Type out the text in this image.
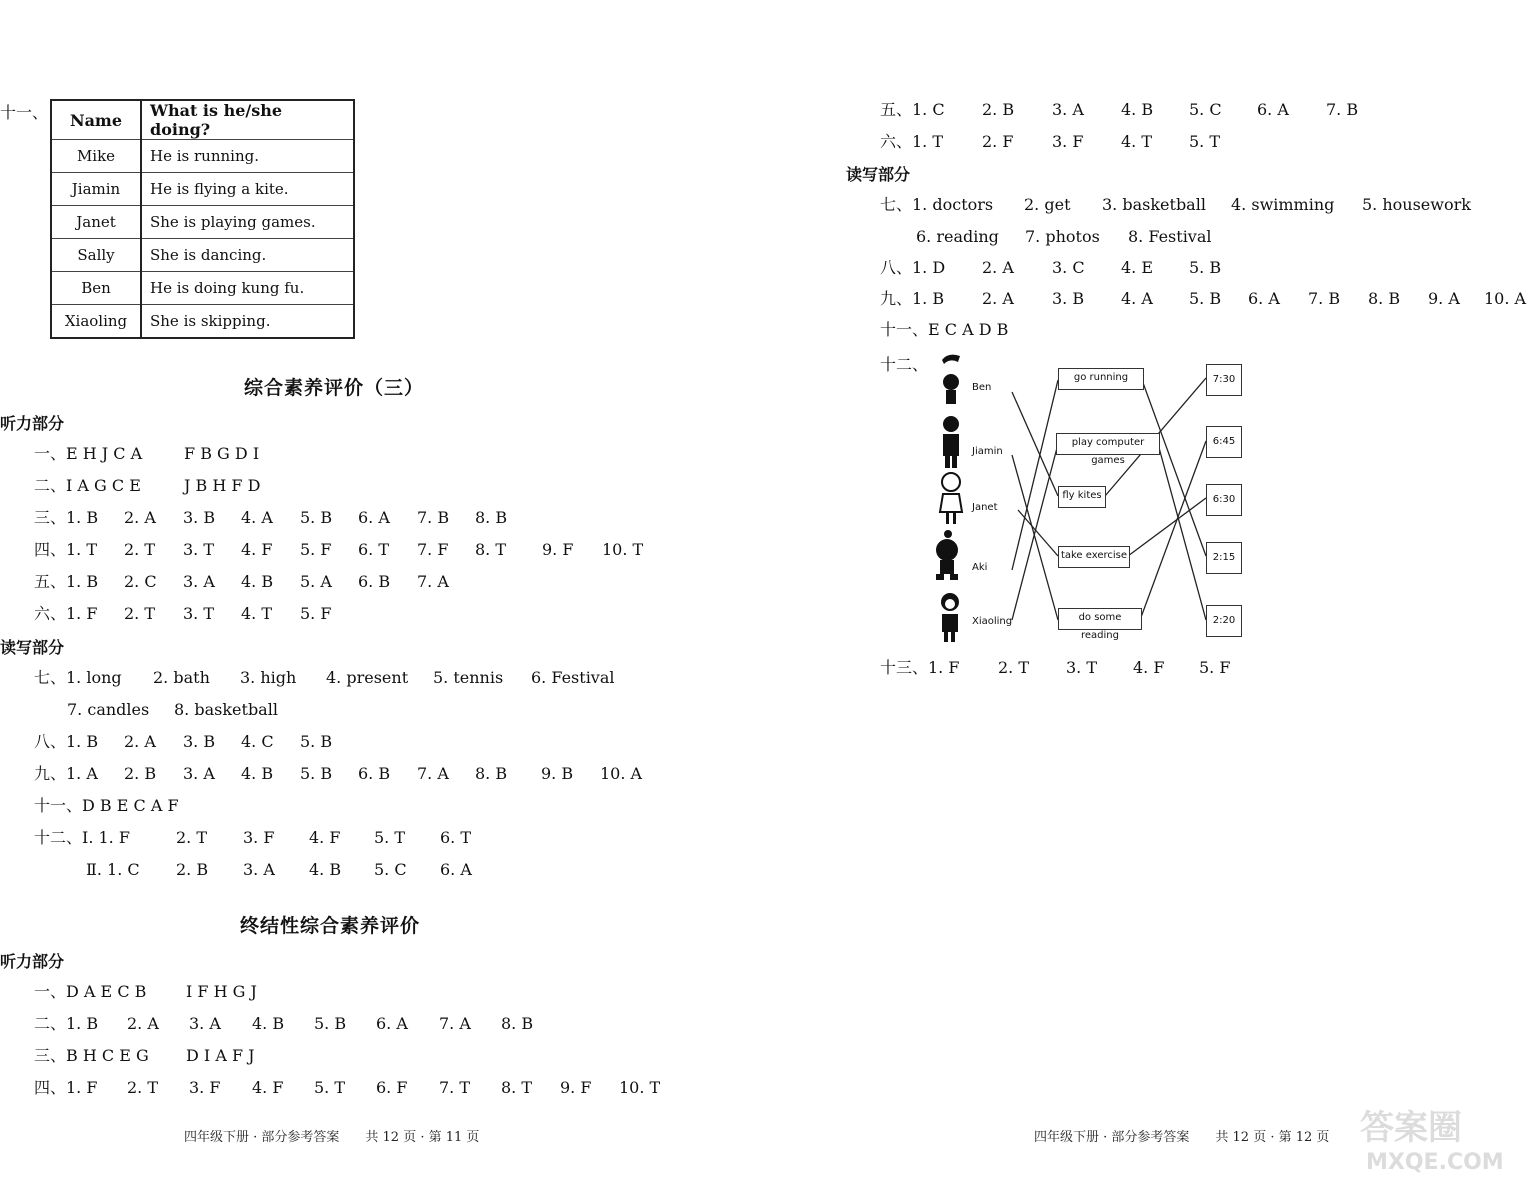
十一、 Name	What is he/she doing?
Mike	He is running.
Jiamin	He is flying a kite.
Janet	She is playing games.
Sally	She is dancing.
Ben	He is doing kung fu.
Xiaoling	She is skipping.
综合素养评价（三）
听力部分
一、E H J C A	F B G D I
二、I A G C E	J B H F D
三、1. B 2. A 3. B 4. A 5. B 6. A 7. B 8. B
四、1. T 2. T 3. T 4. F 5. F 6. T 7. F 8. T 9. F 10. T
五、1. B 2. C 3. A 4. B 5. A 6. B 7. A
六、1. F 2. T 3. T 4. T 5. F
读写部分
七、1. long 2. bath 3. high 4. present 5. tennis 6. Festival
7. candles 8. basketball
八、1. B 2. A 3. B 4. C 5. B
九、1. A 2. B 3. A 4. B 5. B 6. B 7. A 8. B 9. B 10. A
十一、D B E C A F
十二、Ⅰ. 1. F	2. T 3. F 4. F 5. T 6. T
Ⅱ. 1. C 2. B 3. A 4. B 5. C 6. A
终结性综合素养评价
听力部分
一、D A E C B I F H G J
二、1. B 2. A 3. A 4. B 5. B 6. A 7. A 8. B
三、B H C E G D I A F J
四、1. F 2. T 3. F 4. F 5. T 6. F 7. T 8. T 9. F 10. T
四年级下册 · 部分参考答案　　共 12 页 · 第 11 页
五、1. C 2. B 3. A 4. B 5. C 6. A 7. B
六、1. T 2. F 3. F 4. T 5. T
读写部分
七、1. doctors 2. get 3. basketball 4. swimming 5. housework
6. reading 7. photos 8. Festival
八、1. D 2. A 3. C 4. E 5. B
九、1. B 2. A 3. B 4. A 5. B 6. A 7. B 8. B 9. A 10. A
十一、E C A D B
十二、
Ben
Jiamin
Janet
Aki
Xiaoling
go running
play computer games
fly kites
take exercise
do some reading
7:30
6:45
6:30
2:15
2:20
十三、1. F 2. T 3. T 4. F 5. F
四年级下册 · 部分参考答案　　共 12 页 · 第 12 页 答案圈
MXQE.COM
